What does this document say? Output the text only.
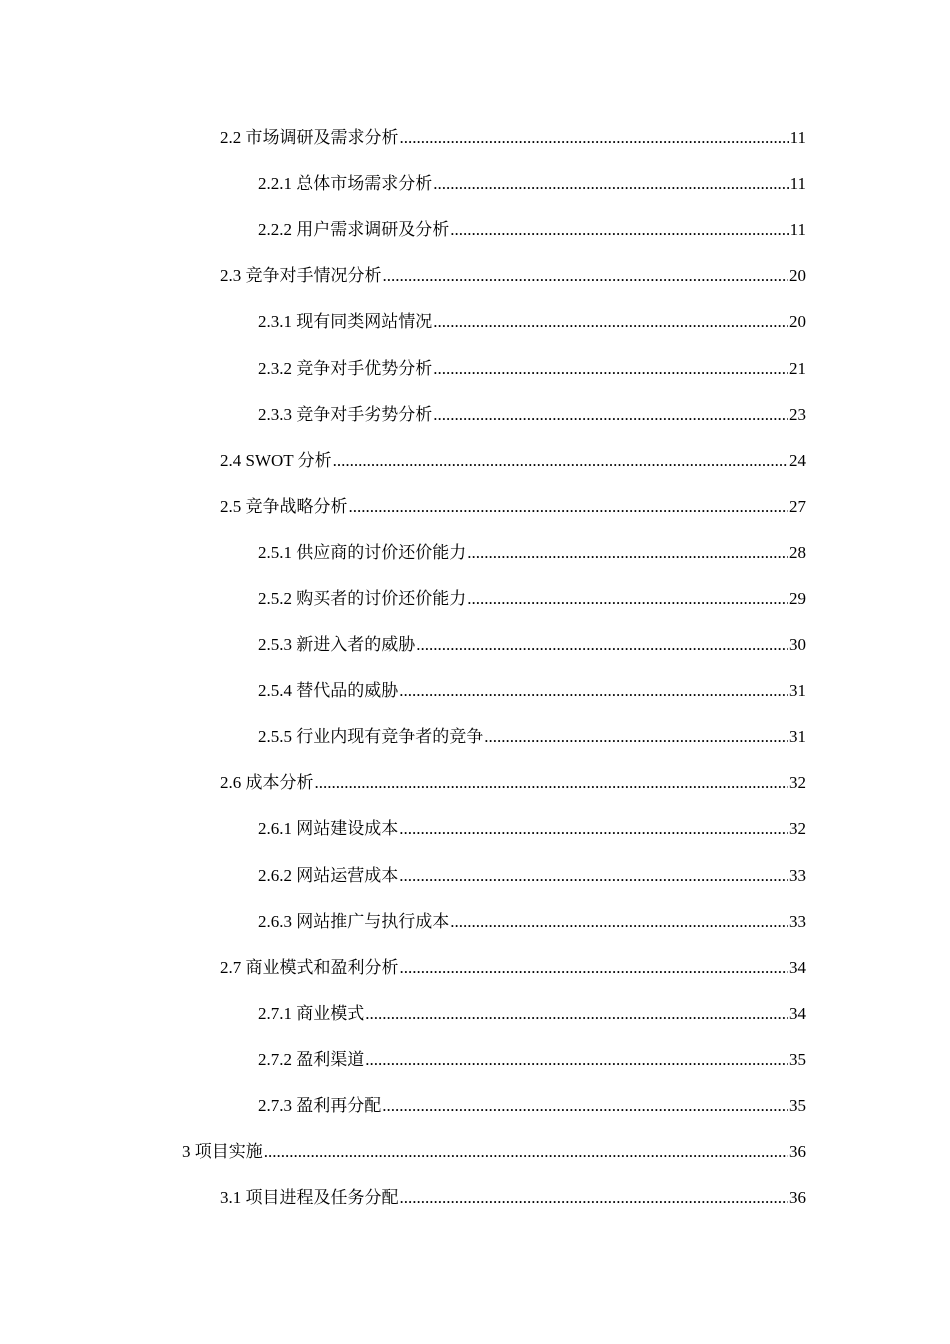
2.2 市场调研及需求分析 .....	11
2.2.1 总体市场需求分析 .....	11
2.2.2 用户需求调研及分析 .....	11
2.3 竞争对手情况分析 .....	20
2.3.1 现有同类网站情况 .....	20
2.3.2 竞争对手优势分析 .....	21
2.3.3 竞争对手劣势分析 .....	23
2.4 SWOT 分析 .....	24
2.5 竞争战略分析 .....	27
2.5.1 供应商的讨价还价能力 .....	28
2.5.2 购买者的讨价还价能力 .....	29
2.5.3 新进入者的威胁 .....	30
2.5.4 替代品的威胁 .....	31
2.5.5 行业内现有竞争者的竞争 .....	31
2.6 成本分析 .....	32
2.6.1 网站建设成本 .....	32
2.6.2 网站运营成本 .....	33
2.6.3 网站推广与执行成本 .....	33
2.7 商业模式和盈利分析 .....	34
2.7.1 商业模式 .....	34
2.7.2 盈利渠道 .....	35
2.7.3 盈利再分配 .....	35
3 项目实施 .....	36
3.1 项目进程及任务分配 .....	36
